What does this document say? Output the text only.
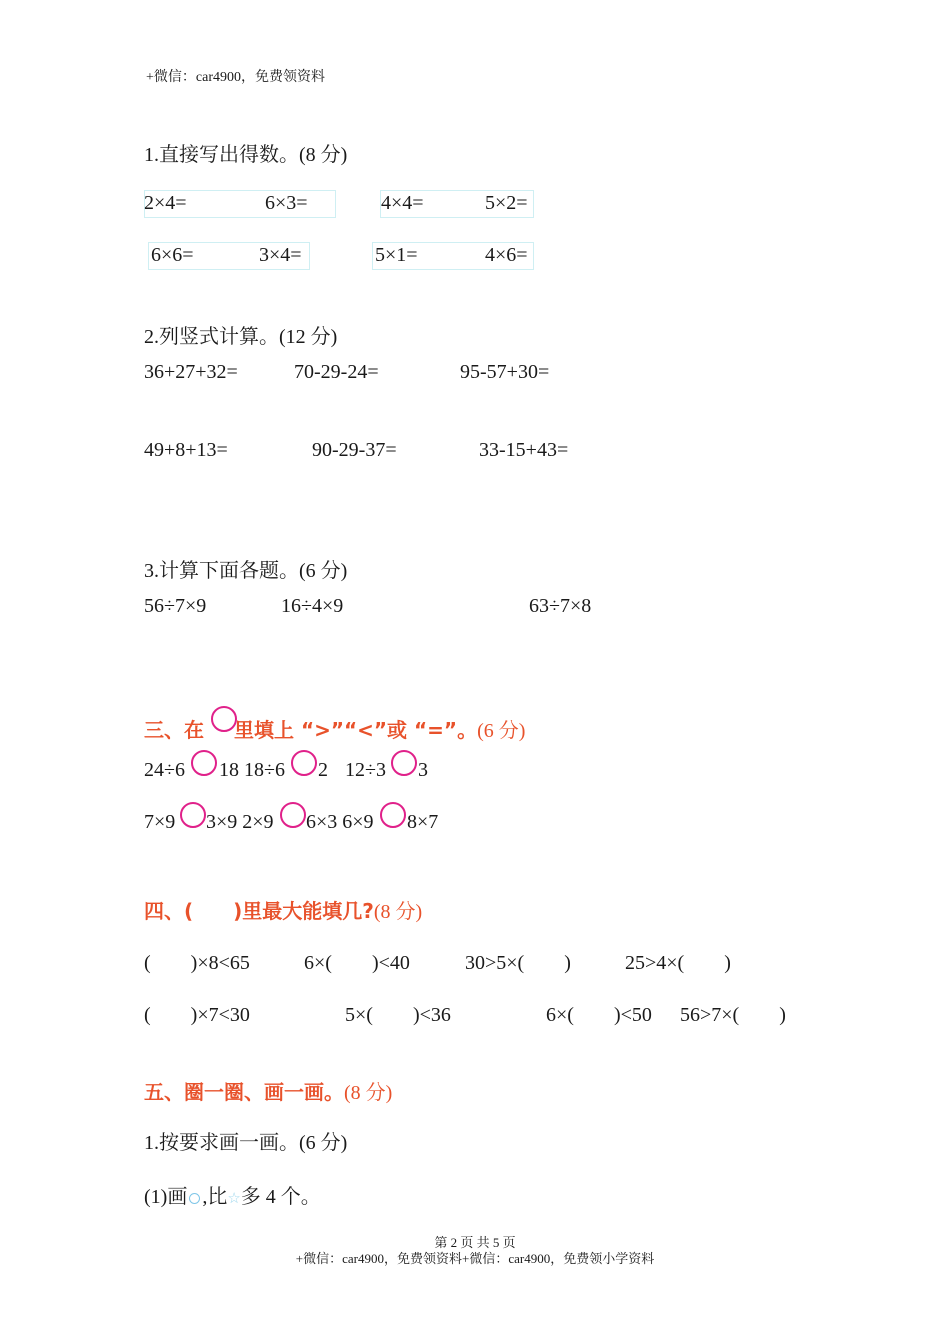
+微信：car4900，免费领资料
1.直接写出得数。(8 分)
2×4=	6×3=	4×4=	5×2=
6×6=	3×4=	5×1=	4×6=
2.列竖式计算。(12 分)
36+27+32=	70-29-24=	95-57+30=
49+8+13=	90-29-37=	33-15+43=
3.计算下面各题。(6 分)
56÷7×9	16÷4×9	63÷7×8
三、在 里填上 “>”“<”或 “=”。(6 分)
24÷6 18 18÷6 2 12÷3 3
7×9 3×9 2×9 6×3 6×9 8×7
四、(　　)里最大能填几?(8 分)
(　　)×8<65	6×(　　)<40	30>5×(　　)	25>4×(　　)
(　　)×7<30	5×(　　)<36	6×(　　)<50 56>7×(　　)
五、圈一圈、画一画。(8 分)
1.按要求画一画。(6 分)
(1)画 ,比☆多 4 个。
第 2 页 共 5 页
+微信：car4900，免费领资料+微信：car4900，免费领小学资料
